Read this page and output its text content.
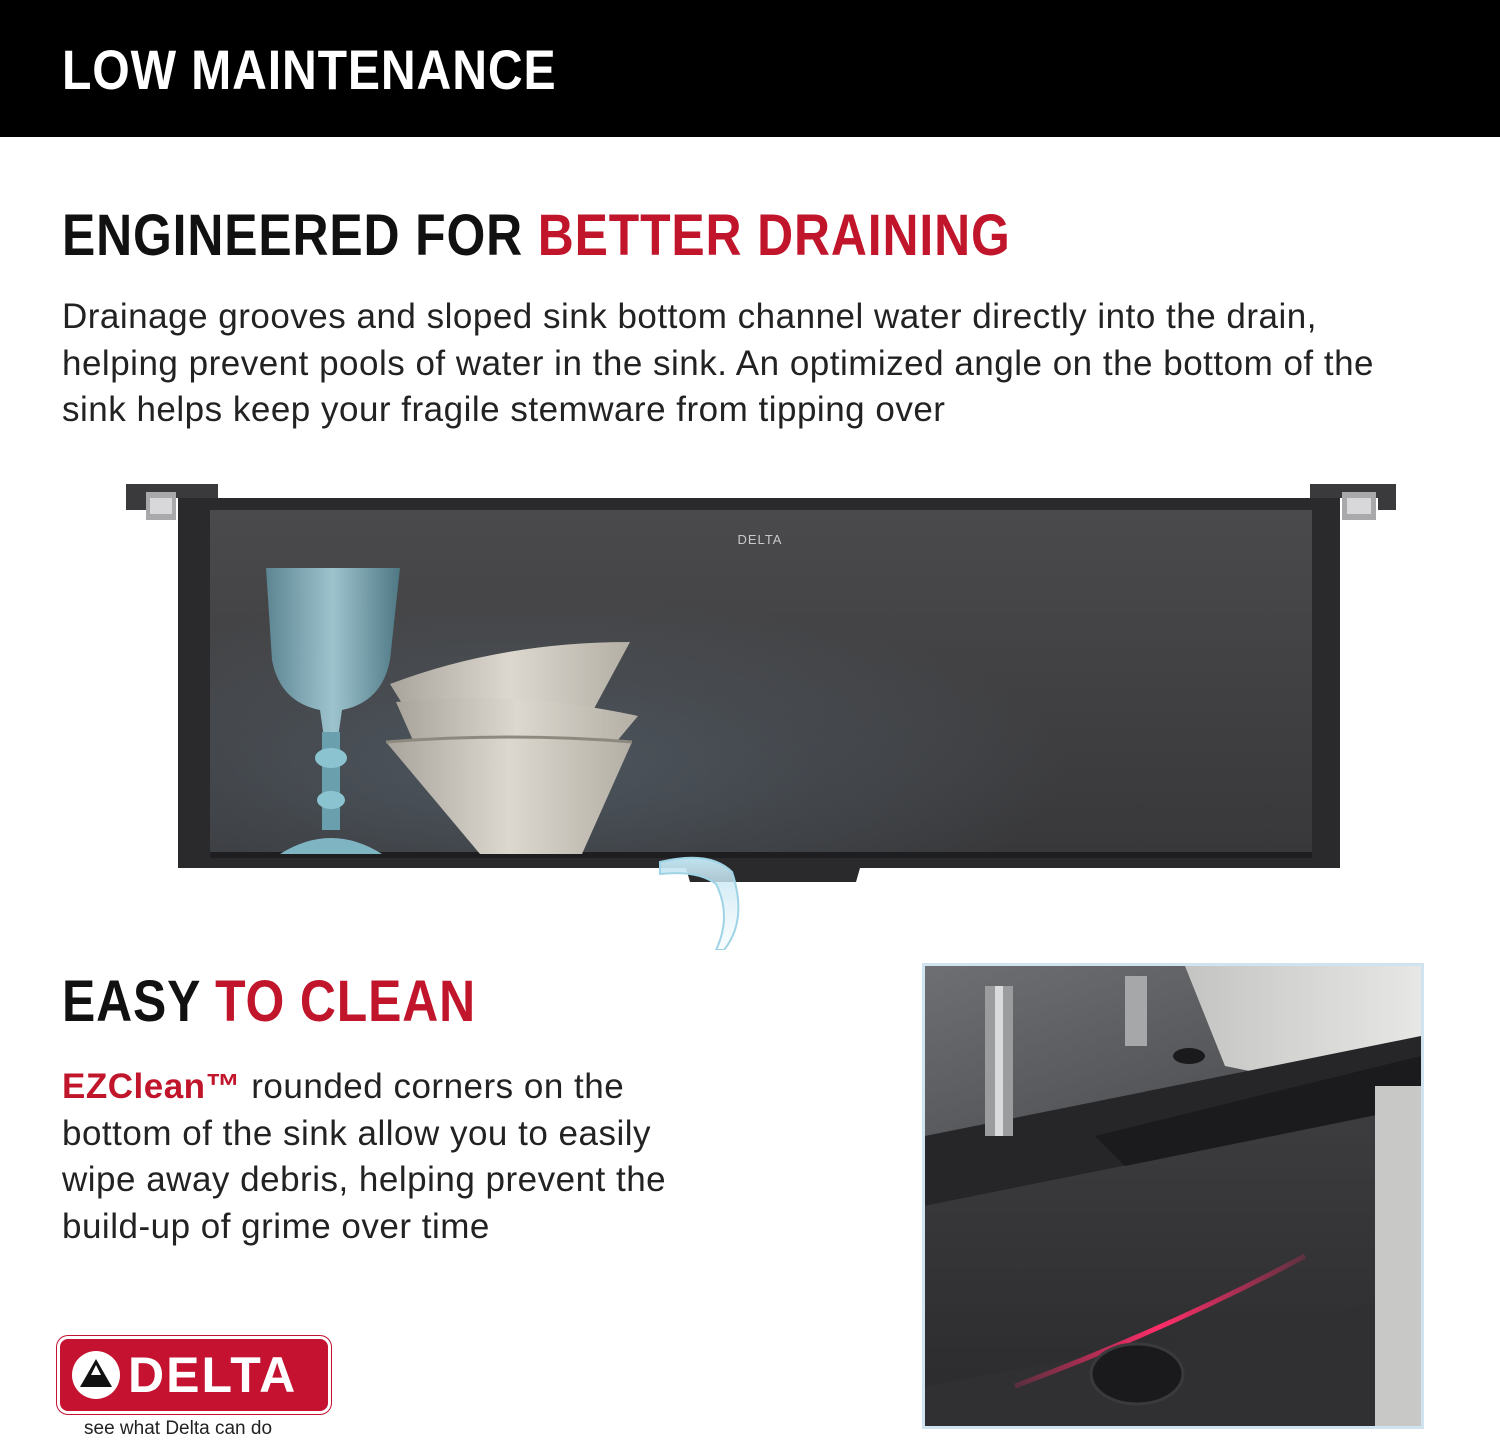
LOW MAINTENANCE
ENGINEERED FOR BETTER DRAINING

Drainage grooves and sloped sink bottom channel water directly into the drain, helping prevent pools of water in the sink. An optimized angle on the bottom of the sink helps keep your fragile stemware from tipping over

DELTA
EASY TO CLEAN

EZClean™ rounded corners on the bottom of the sink allow you to easily wipe away debris, helping prevent the build-up of grime over time

DELTA
see what Delta can do
